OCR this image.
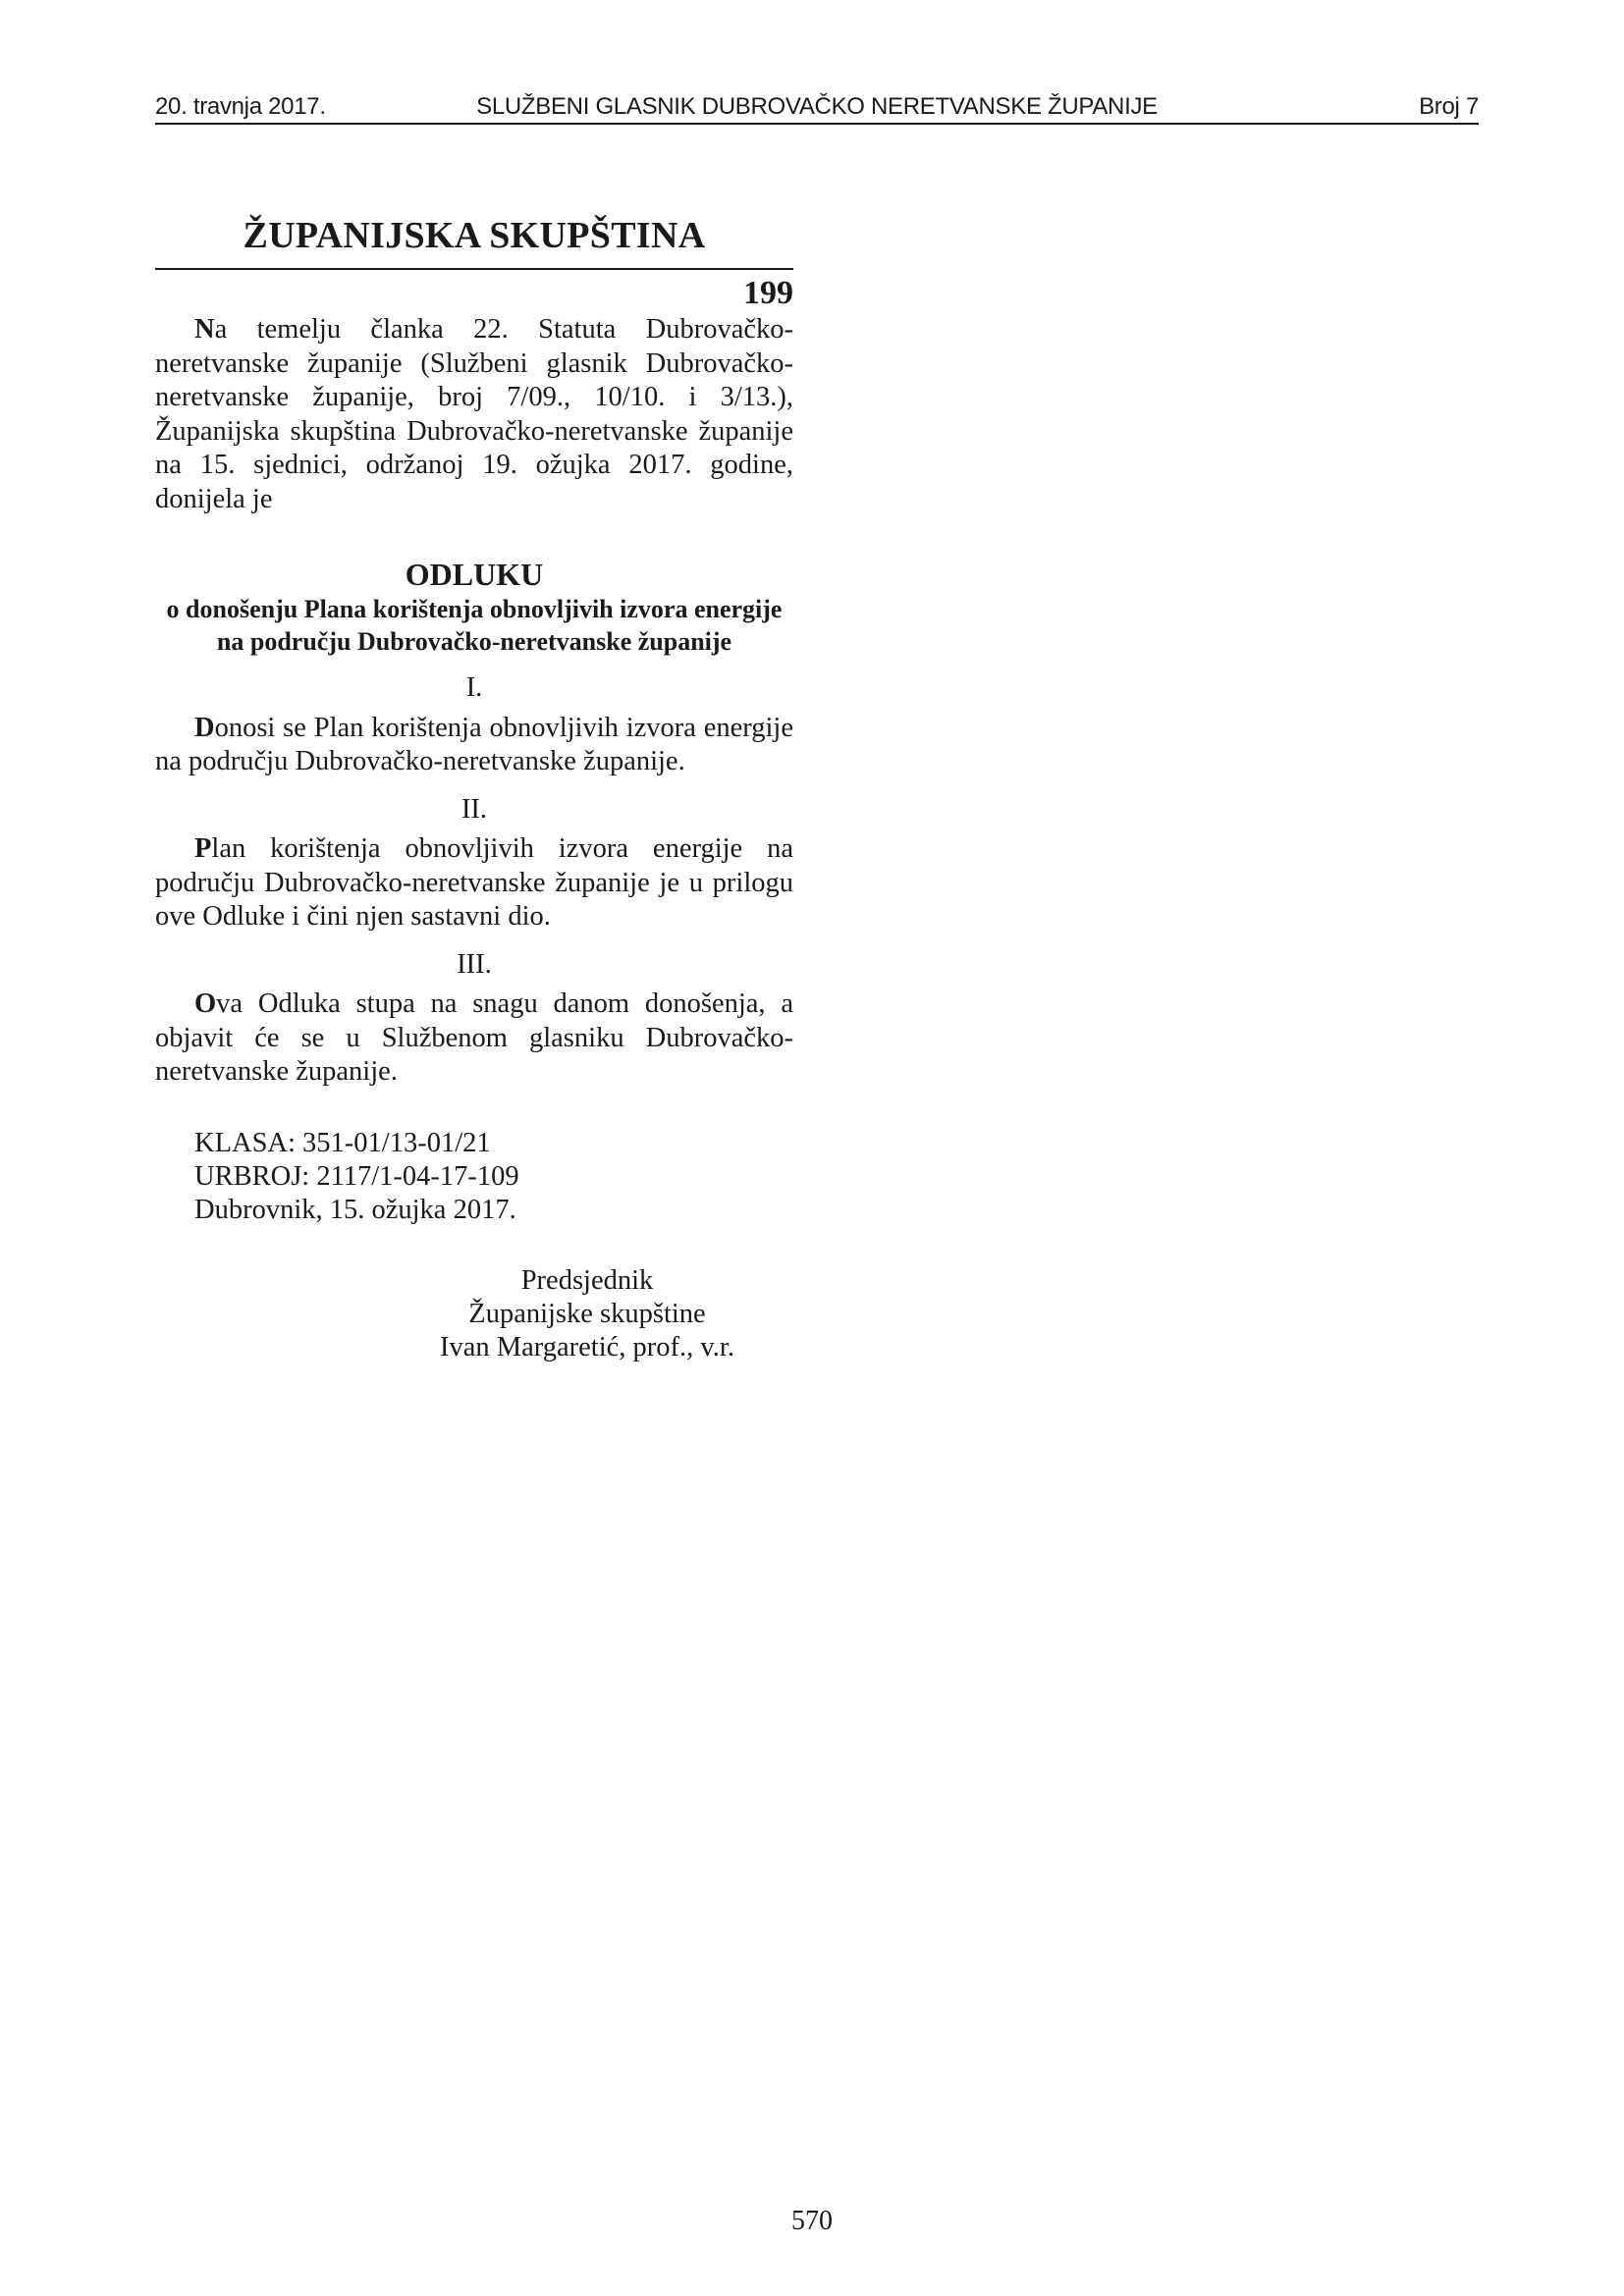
20. travnja 2017.	SLUŽBENI GLASNIK DUBROVAČKO NERETVANSKE ŽUPANIJE	Broj 7
ŽUPANIJSKA SKUPŠTINA
199

Na temelju članka 22. Statuta Dubrovačko-neretvanske županije (Službeni glasnik Dubrovačko-neretvanske županije, broj 7/09., 10/10. i 3/13.), Županijska skupština Dubrovačko-neretvanske županije na 15. sjednici, održanoj 19. ožujka 2017. godine, donijela je

ODLUKU
o donošenju Plana korištenja obnovljivih izvora energije na području Dubrovačko-neretvanske županije
I.

Donosi se Plan korištenja obnovljivih izvora energije na području Dubrovačko-neretvanske županije.

II.

Plan korištenja obnovljivih izvora energije na području Dubrovačko-neretvanske županije je u prilogu ove Odluke i čini njen sastavni dio.

III.

Ova Odluka stupa na snagu danom donošenja, a objavit će se u Službenom glasniku Dubrovačko-neretvanske županije.

KLASA: 351-01/13-01/21
URBROJ: 2117/1-04-17-109
Dubrovnik, 15. ožujka 2017.
Predsjednik
Županijske skupštine
Ivan Margaretić, prof., v.r.
570
